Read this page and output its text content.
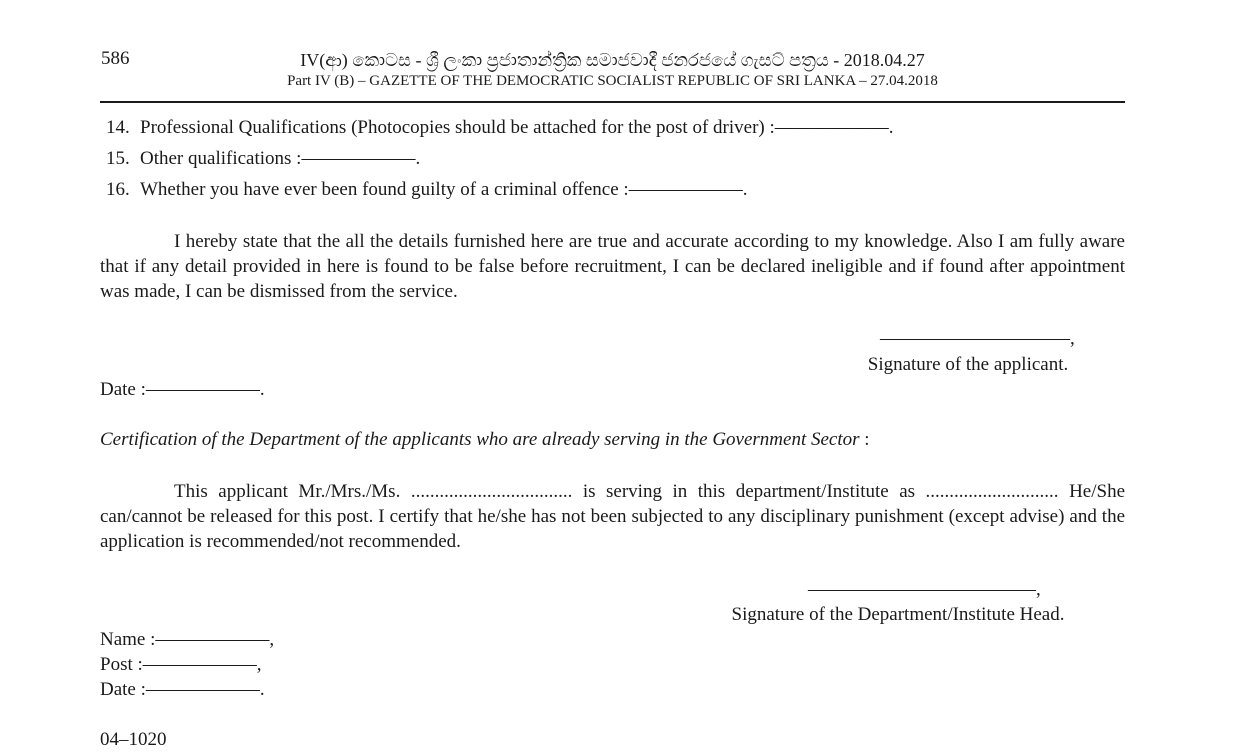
586	IV(ආ) කොටස - ශ්‍රී ලංකා ප්‍රජාතාන්ත්‍රික සමාජවාදී ජනරජයේ ගැසට් පත්‍රය - 2018.04.27
Part IV (B) – GAZETTE OF THE DEMOCRATIC SOCIALIST REPUBLIC OF SRI LANKA – 27.04.2018
14. Professional Qualifications (Photocopies should be attached for the post of driver) :——————.
15. Other qualifications :——————.
16. Whether you have ever been found guilty of a criminal offence :——————.
I hereby state that the all the details furnished here are true and accurate according to my knowledge. Also I am fully aware that if any detail provided in here is found to be false before recruitment, I can be declared ineligible and if found after appointment was made, I can be dismissed from the service.
——————————,
Signature of the applicant.
Date :——————.
Certification of the Department of the applicants who are already serving in the Government Sector :
This applicant Mr./Mrs./Ms. .................................. is serving in this department/Institute as ............................ He/She can/cannot be released for this post. I certify that he/she has not been subjected to any disciplinary punishment (except advise) and the application is recommended/not recommended.
————————————,
Signature of the Department/Institute Head.
Name :——————,
Post :——————,
Date :——————.
04–1020
